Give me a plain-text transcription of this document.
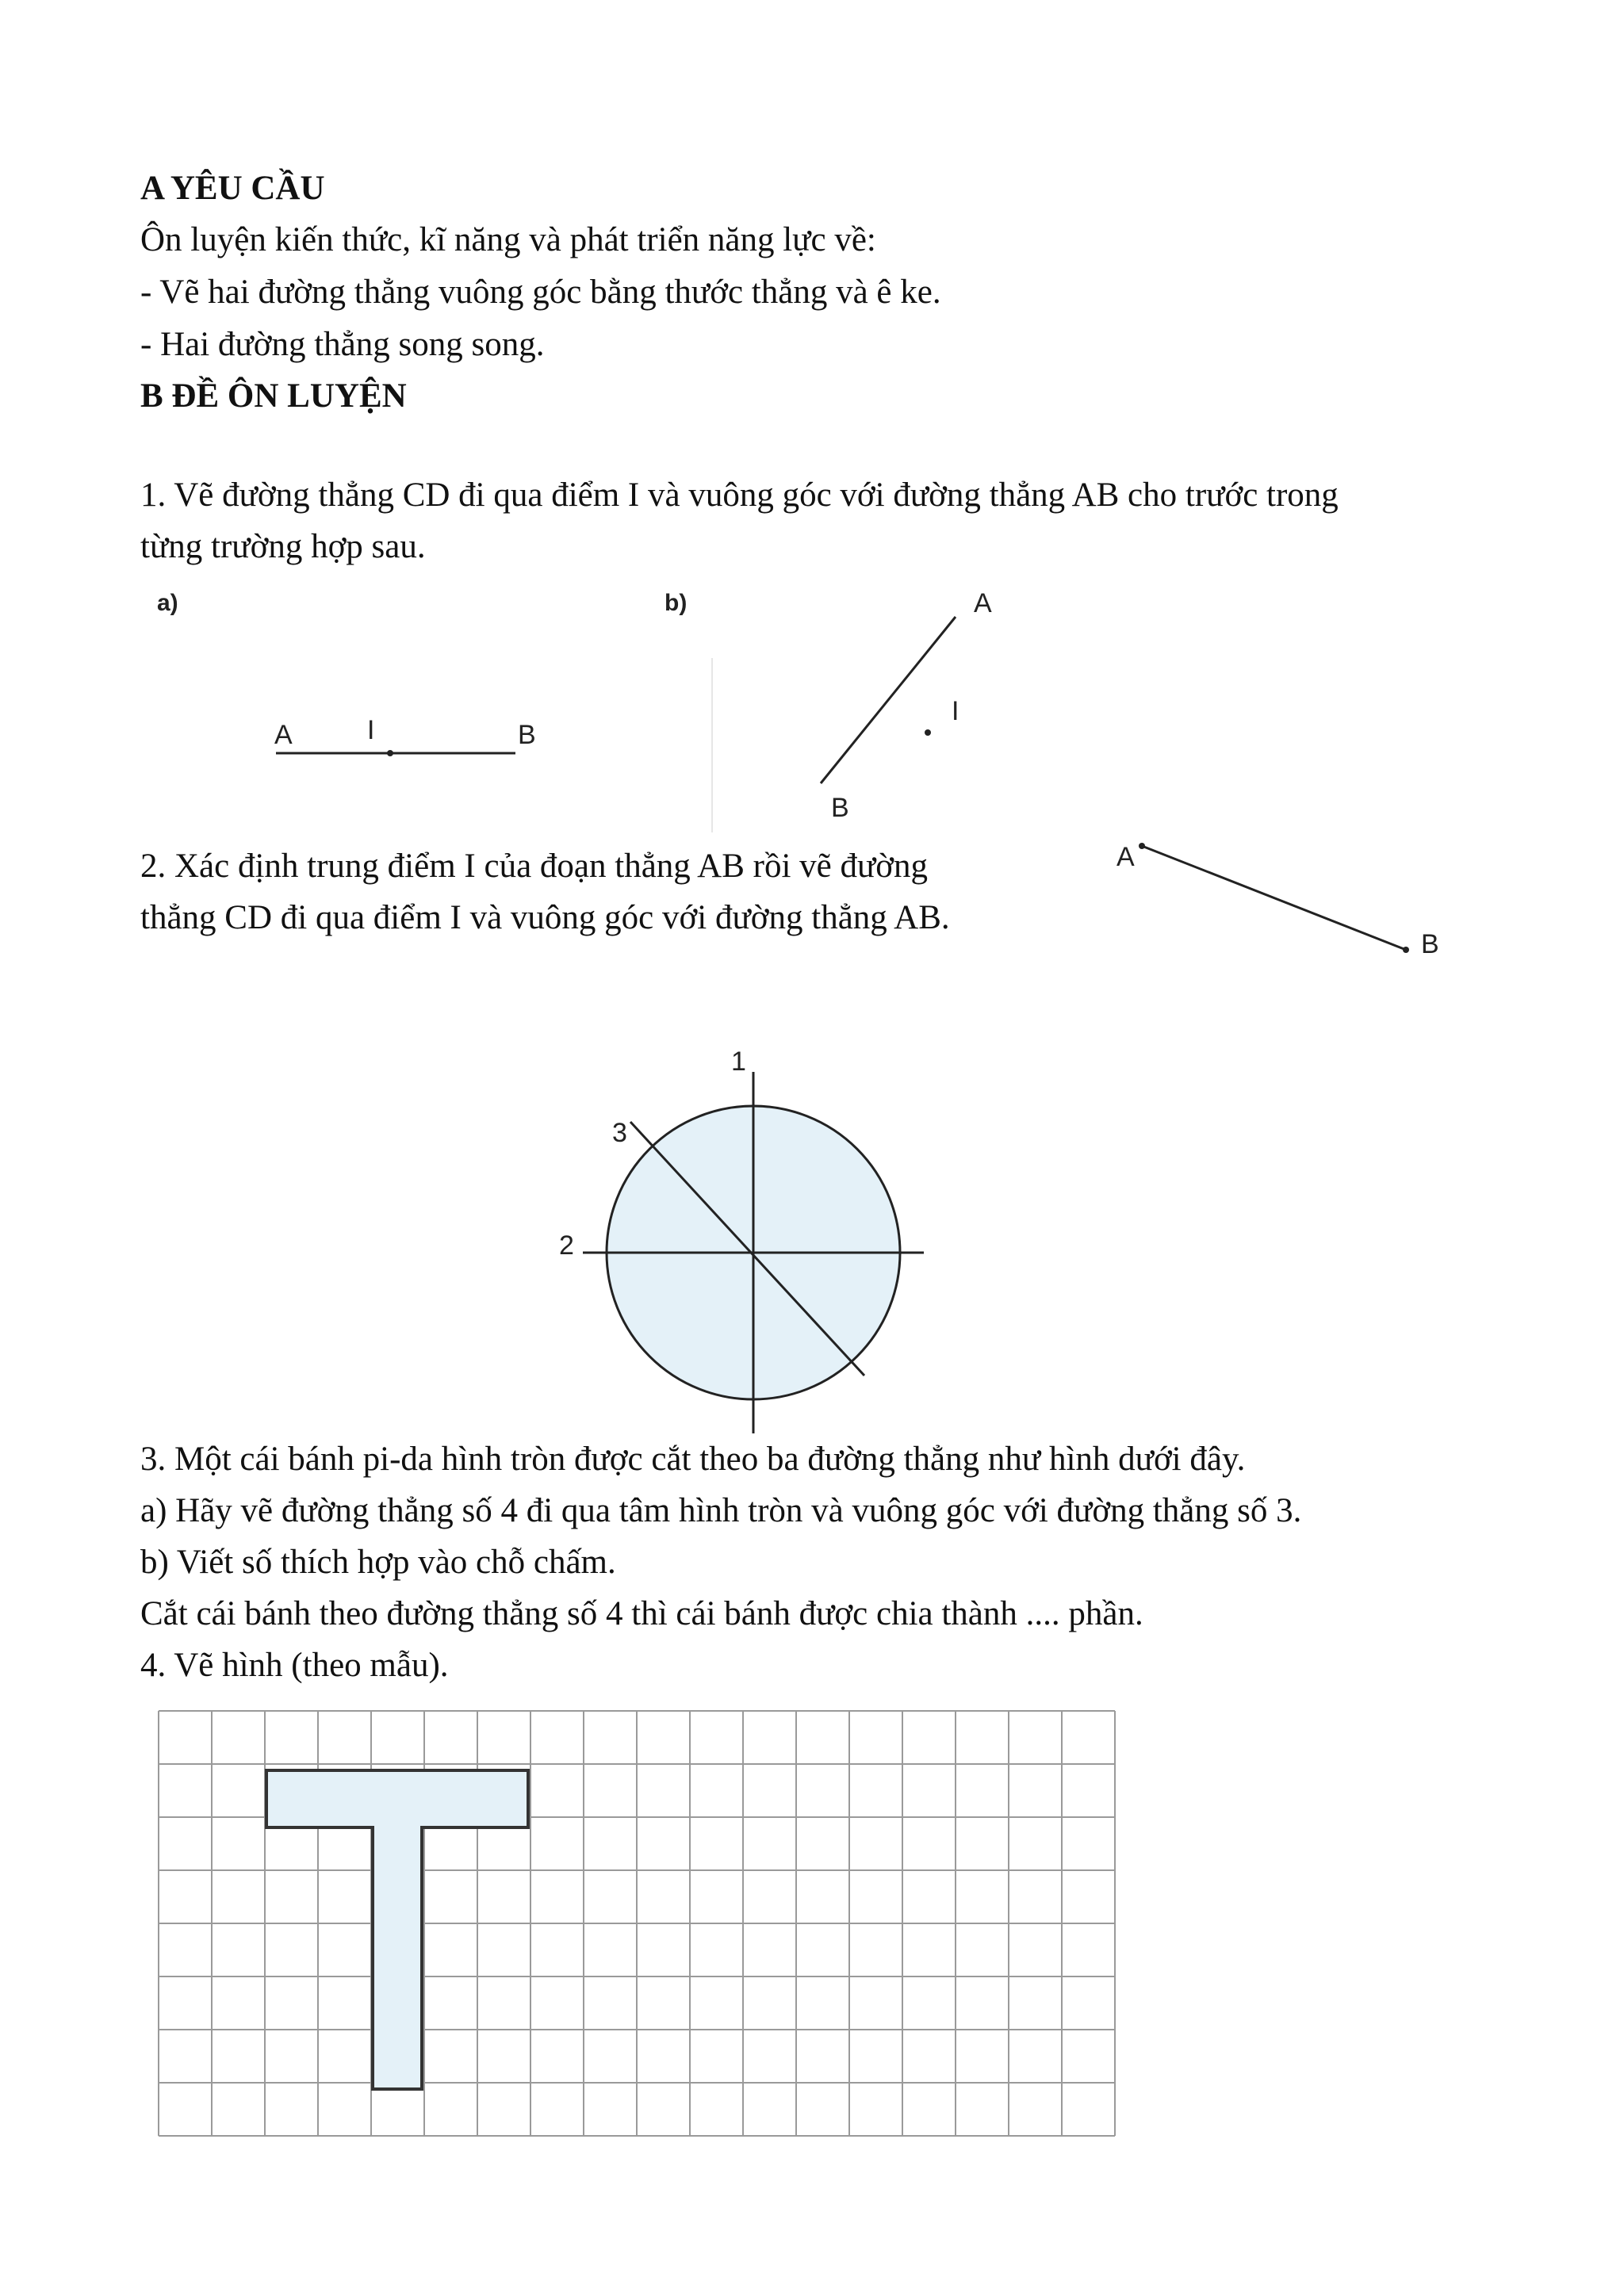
A YÊU CẦU
Ôn luyện kiến thức, kĩ năng và phát triển năng lực về:
- Vẽ hai đường thẳng vuông góc bằng thước thẳng và ê ke.
- Hai đường thẳng song song.
B ĐỀ ÔN LUYỆN
1. Vẽ đường thẳng CD đi qua điểm I và vuông góc với đường thẳng AB cho trước trong
từng trường hợp sau.
a)
A	I	B
b)	A
I
B
2. Xác định trung điểm I của đoạn thẳng AB rồi vẽ đường
thẳng CD đi qua điểm I và vuông góc với đường thẳng AB.
A
B
1
2
3
3. Một cái bánh pi-da hình tròn được cắt theo ba đường thẳng như hình dưới đây.
a) Hãy vẽ đường thẳng số 4 đi qua tâm hình tròn và vuông góc với đường thẳng số 3.
b) Viết số thích hợp vào chỗ chấm.
Cắt cái bánh theo đường thẳng số 4 thì cái bánh được chia thành .... phần.
4. Vẽ hình (theo mẫu).
